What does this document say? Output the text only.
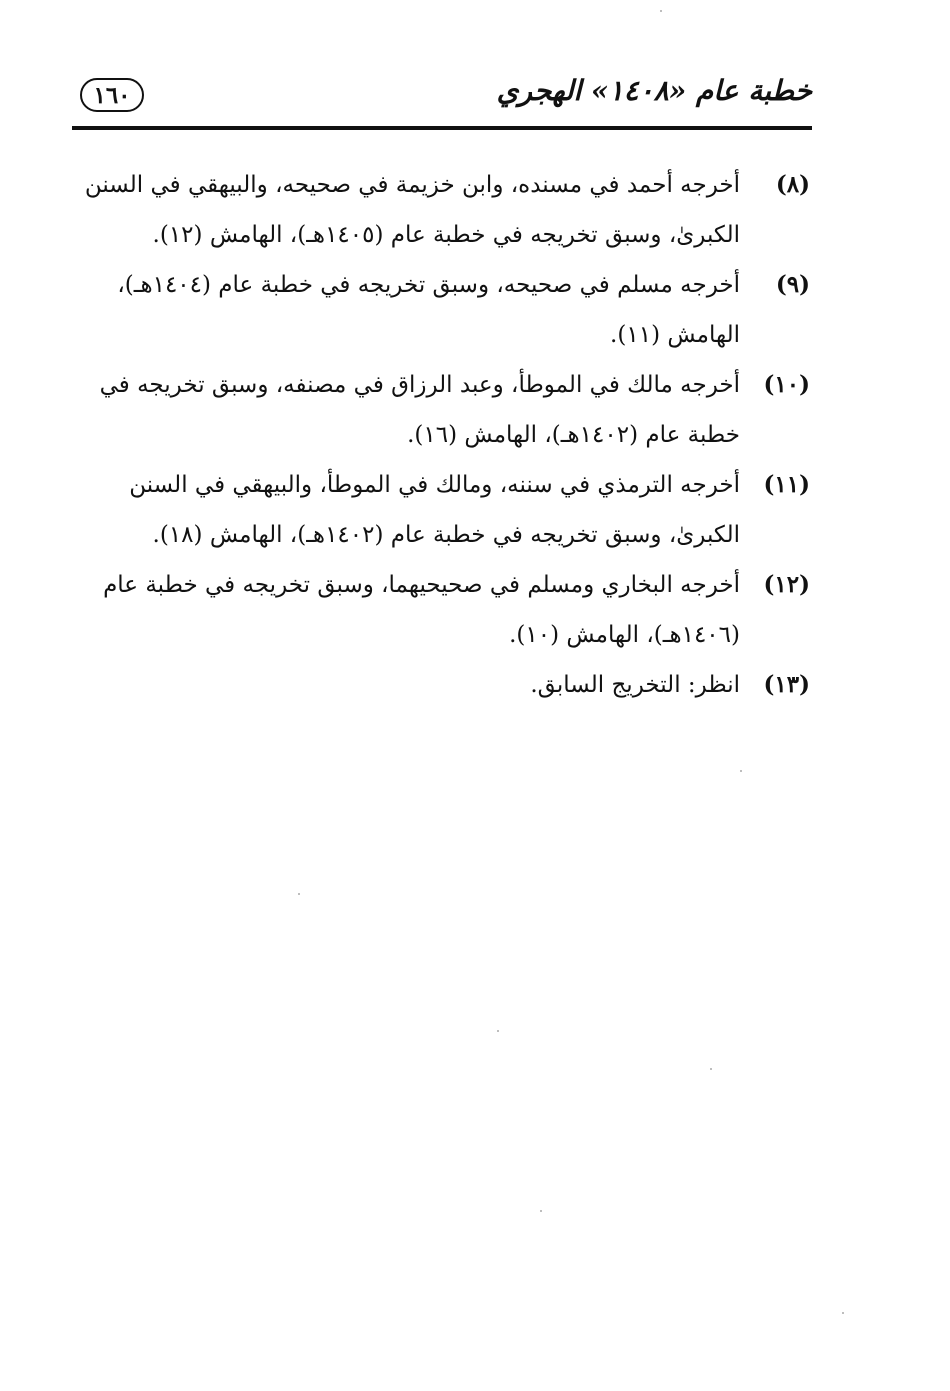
خطبة عام «١٤٠٨» الهجري
١٦٠
(٨)
أخرجه أحمد في مسنده، وابن خزيمة في صحيحه، والبيهقي في السنن
الكبرىٰ، وسبق تخريجه في خطبة عام (١٤٠٥هـ)، الهامش (١٢).
(٩)
أخرجه مسلم في صحيحه، وسبق تخريجه في خطبة عام (١٤٠٤هـ)،
الهامش (١١).
(١٠)
أخرجه مالك في الموطأ، وعبد الرزاق في مصنفه، وسبق تخريجه في
خطبة عام (١٤٠٢هـ)، الهامش (١٦).
(١١)
أخرجه الترمذي في سننه، ومالك في الموطأ، والبيهقي في السنن
الكبرىٰ، وسبق تخريجه في خطبة عام (١٤٠٢هـ)، الهامش (١٨).
(١٢)
أخرجه البخاري ومسلم في صحيحيهما، وسبق تخريجه في خطبة عام
(١٤٠٦هـ)، الهامش (١٠).
(١٣)
انظر: التخريج السابق.
